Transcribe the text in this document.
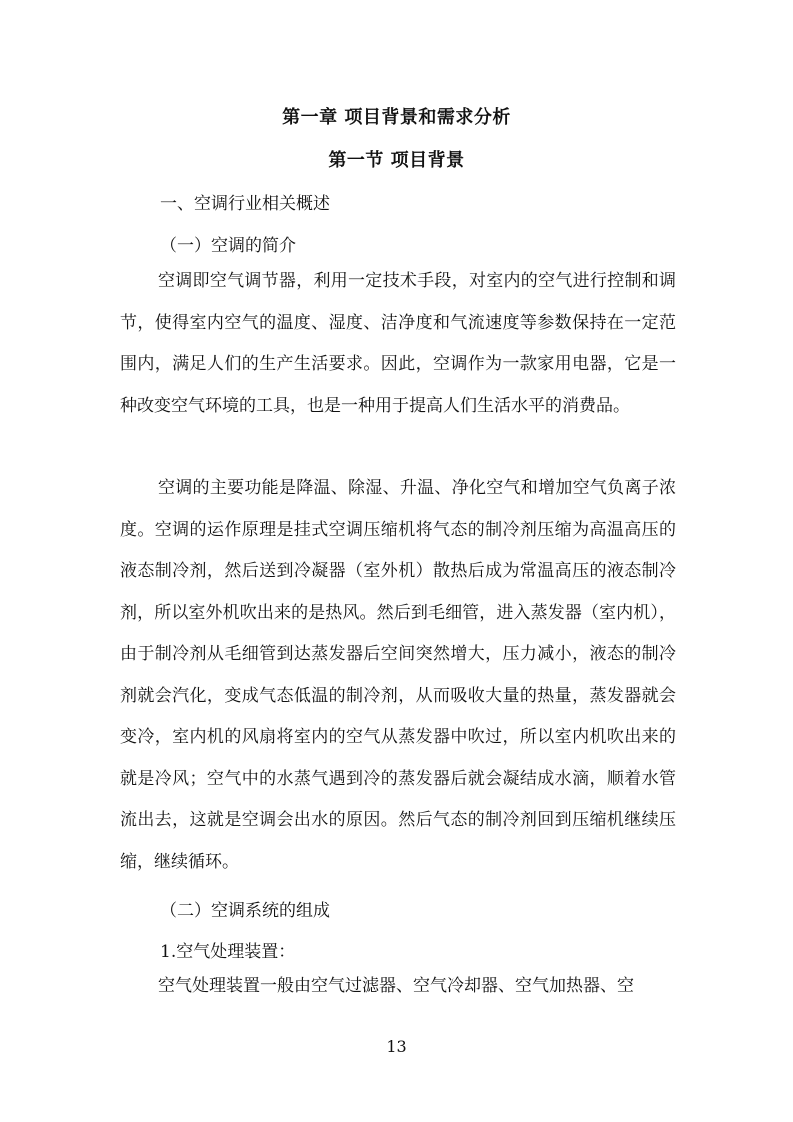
第一章 项目背景和需求分析
第一节 项目背景

一、空调行业相关概述

（一）空调的简介

空调即空气调节器，利用一定技术手段，对室内的空气进行控制和调节，使得室内空气的温度、湿度、洁净度和气流速度等参数保持在一定范围内，满足人们的生产生活要求。因此，空调作为一款家用电器，它是一种改变空气环境的工具，也是一种用于提高人们生活水平的消费品。

空调的主要功能是降温、除湿、升温、净化空气和增加空气负离子浓度。空调的运作原理是挂式空调压缩机将气态的制冷剂压缩为高温高压的液态制冷剂，然后送到冷凝器（室外机）散热后成为常温高压的液态制冷剂，所以室外机吹出来的是热风。然后到毛细管，进入蒸发器（室内机），由于制冷剂从毛细管到达蒸发器后空间突然增大，压力减小，液态的制冷剂就会汽化，变成气态低温的制冷剂，从而吸收大量的热量，蒸发器就会变冷，室内机的风扇将室内的空气从蒸发器中吹过，所以室内机吹出来的就是冷风；空气中的水蒸气遇到冷的蒸发器后就会凝结成水滴，顺着水管流出去，这就是空调会出水的原因。然后气态的制冷剂回到压缩机继续压缩，继续循环。

（二）空调系统的组成

1.空气处理装置：

空气处理装置一般由空气过滤器、空气冷却器、空气加热器、空

13
